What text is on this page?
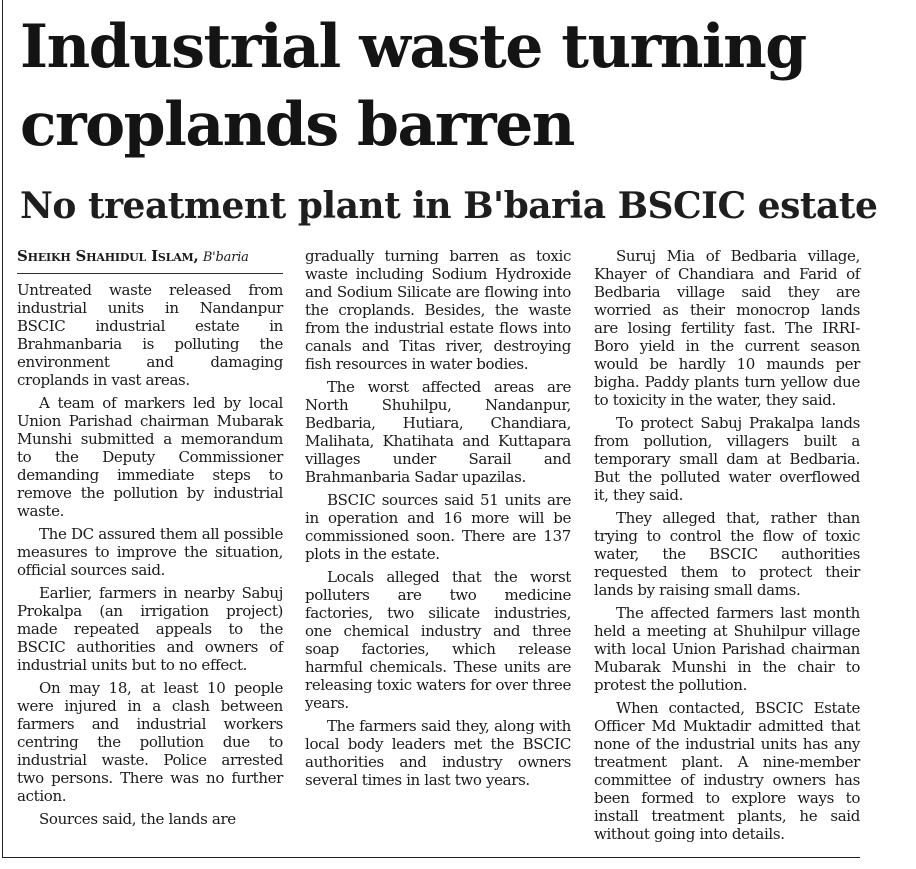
Industrial waste turning croplands barren
No treatment plant in B'baria BSCIC estate
Sheikh Shahidul Islam, B'baria

Untreated waste released from industrial units in Nandanpur BSCIC industrial estate in Brahmanbaria is polluting the environment and damaging croplands in vast areas.

A team of markers led by local Union Parishad chairman Mubarak Munshi submitted a memorandum to the Deputy Commissioner demanding immediate steps to remove the pollution by industrial waste.

The DC assured them all possible measures to improve the situation, official sources said.

Earlier, farmers in nearby Sabuj Prokalpa (an irrigation project) made repeated appeals to the BSCIC authorities and owners of industrial units but to no effect.

On may 18, at least 10 people were injured in a clash between farmers and industrial workers centring the pollution due to industrial waste. Police arrested two persons. There was no further action.

Sources said, the lands are

gradually turning barren as toxic waste including Sodium Hydroxide and Sodium Silicate are flowing into the croplands. Besides, the waste from the industrial estate flows into canals and Titas river, destroying fish resources in water bodies.

The worst affected areas are North Shuhilpu, Nandanpur, Bedbaria, Hutiara, Chandiara, Malihata, Khatihata and Kuttapara villages under Sarail and Brahmanbaria Sadar upazilas.

BSCIC sources said 51 units are in operation and 16 more will be commissioned soon. There are 137 plots in the estate.

Locals alleged that the worst polluters are two medicine factories, two silicate industries, one chemical industry and three soap factories, which release harmful chemicals. These units are releasing toxic waters for over three years.

The farmers said they, along with local body leaders met the BSCIC authorities and industry owners several times in last two years.

Suruj Mia of Bedbaria village, Khayer of Chandiara and Farid of Bedbaria village said they are worried as their monocrop lands are losing fertility fast. The IRRI-Boro yield in the current season would be hardly 10 maunds per bigha. Paddy plants turn yellow due to toxicity in the water, they said.

To protect Sabuj Prakalpa lands from pollution, villagers built a temporary small dam at Bedbaria. But the polluted water overflowed it, they said.

They alleged that, rather than trying to control the flow of toxic water, the BSCIC authorities requested them to protect their lands by raising small dams.

The affected farmers last month held a meeting at Shuhilpur village with local Union Parishad chairman Mubarak Munshi in the chair to protest the pollution.

When contacted, BSCIC Estate Officer Md Muktadir admitted that none of the industrial units has any treatment plant. A nine-member committee of industry owners has been formed to explore ways to install treatment plants, he said without going into details.
